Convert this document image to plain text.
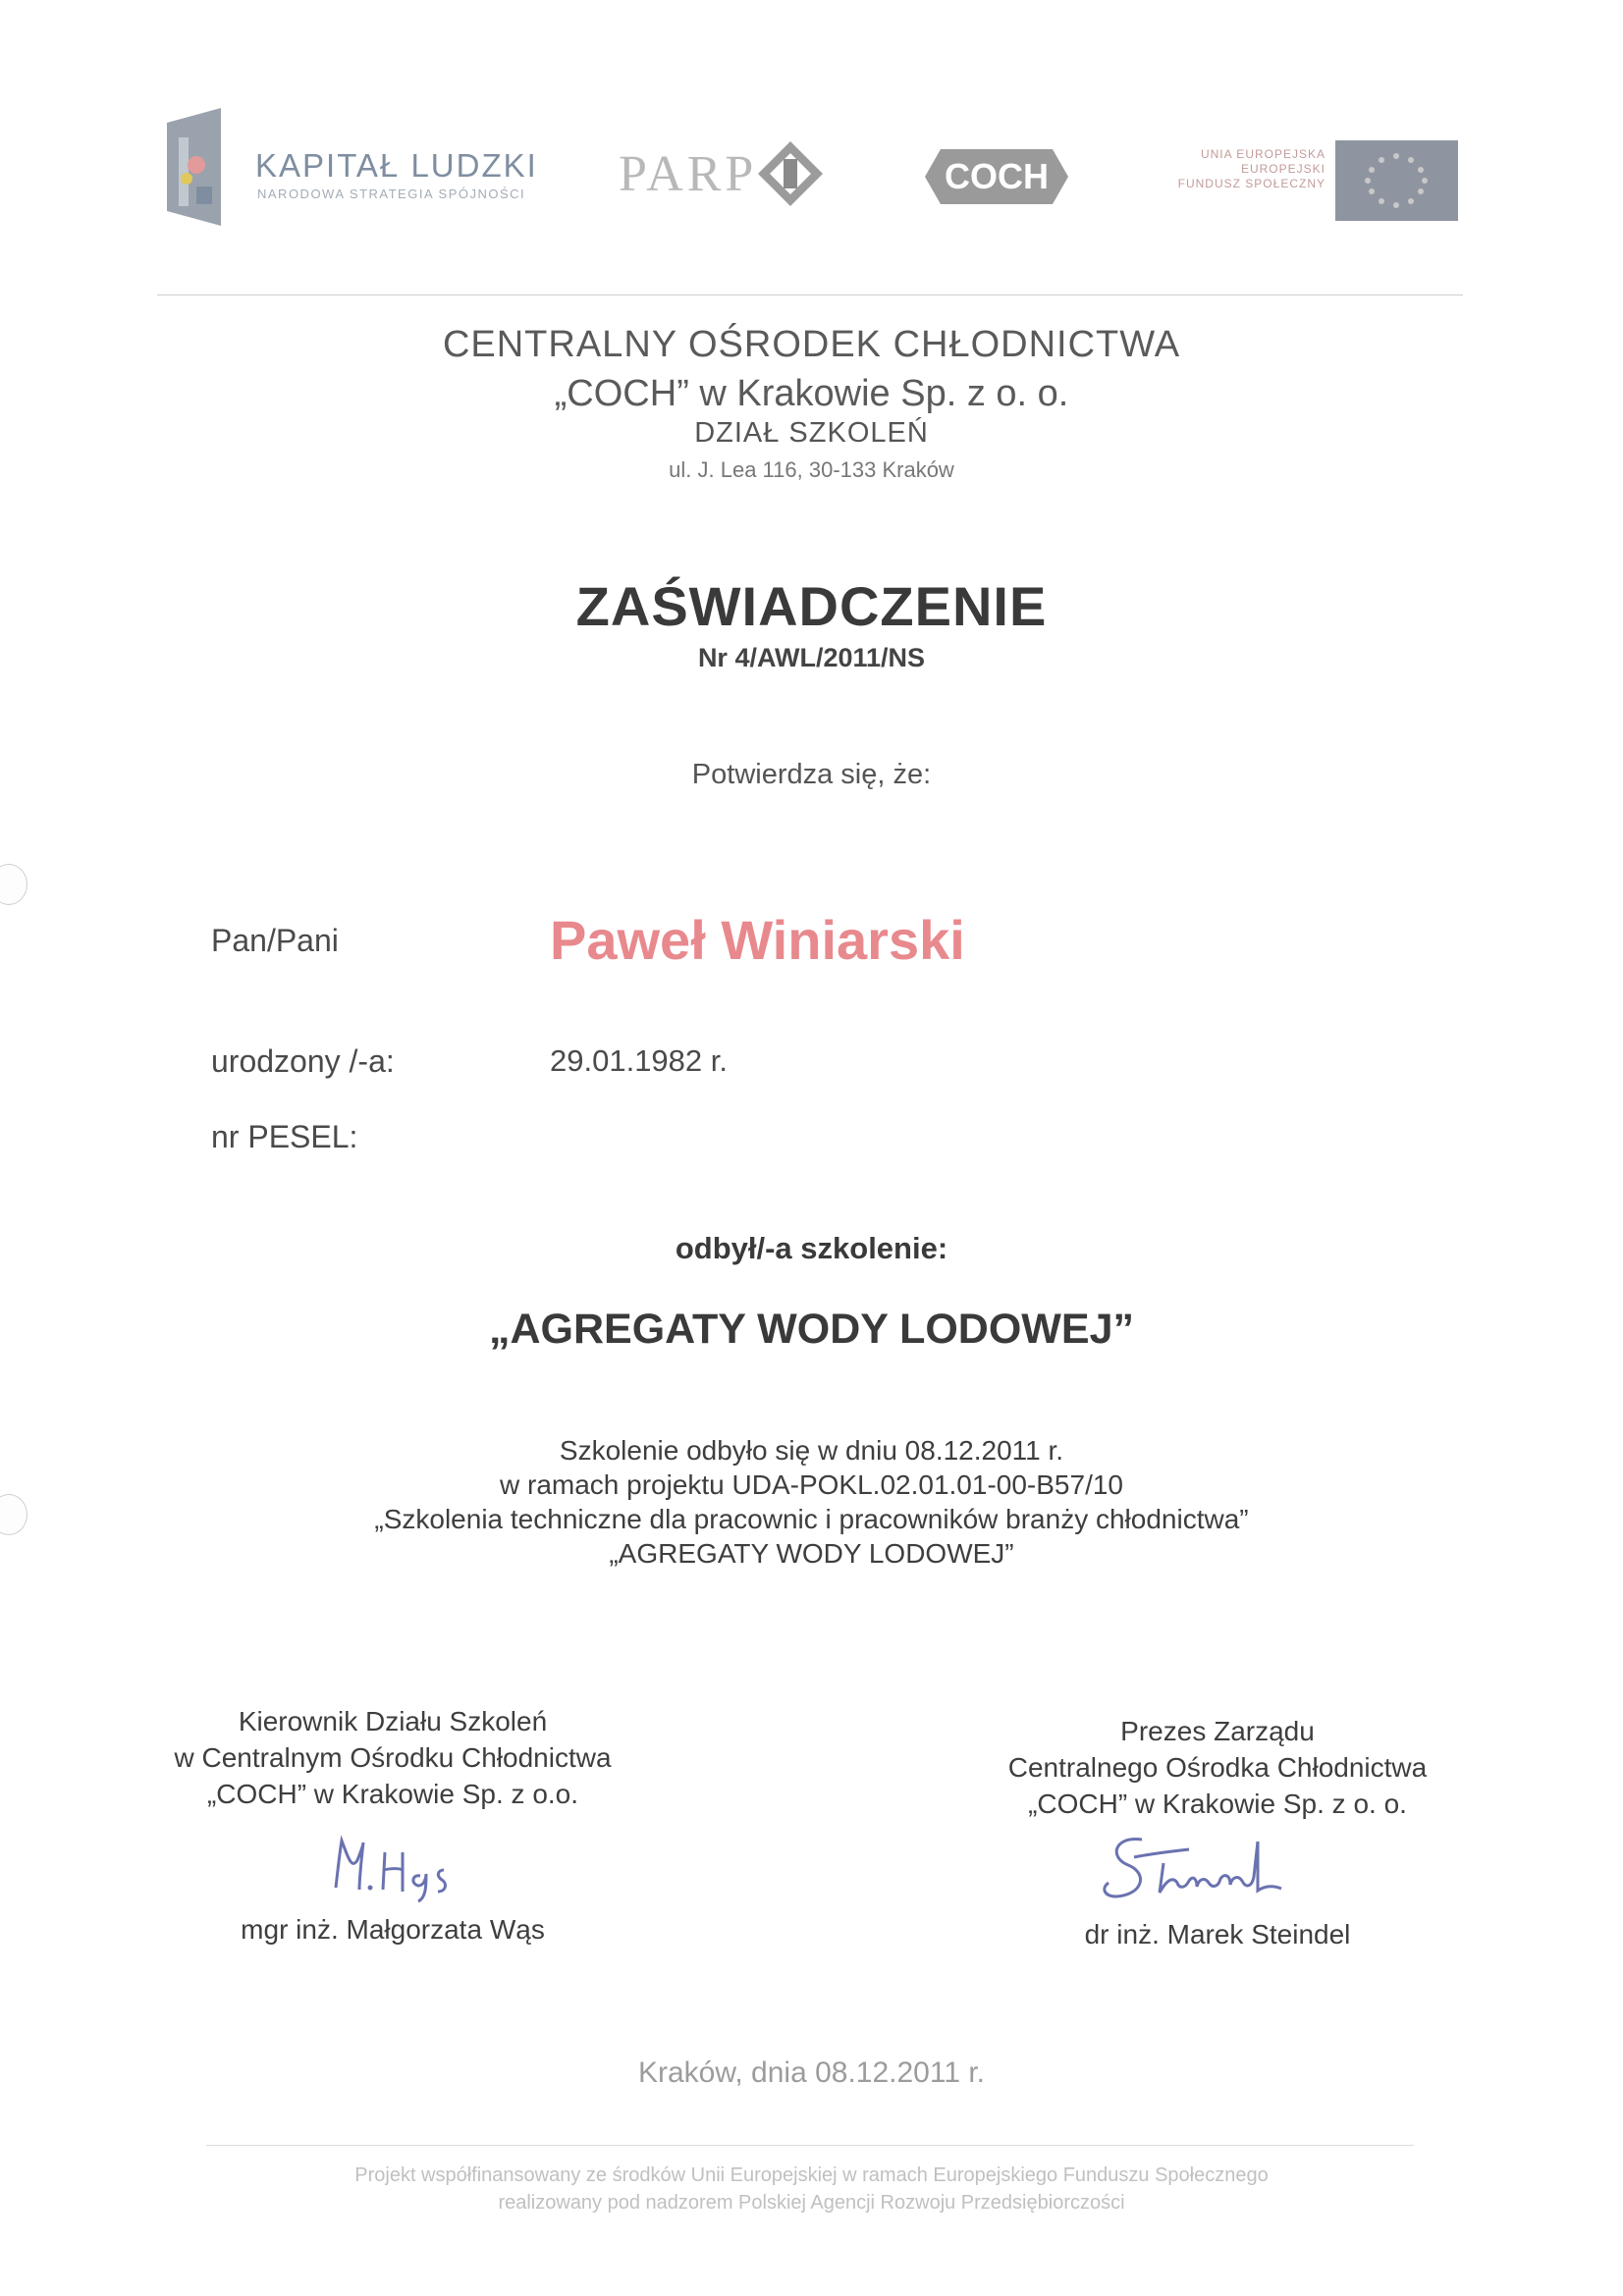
KAPITAŁ LUDZKI
NARODOWA STRATEGIA SPÓJNOŚCI PARP	COCH
UNIA EUROPEJSKA
EUROPEJSKI
FUNDUSZ SPOŁECZNY
CENTRALNY OŚRODEK CHŁODNICTWA
„COCH” w Krakowie Sp. z o. o.
DZIAŁ SZKOLEŃ
ul. J. Lea 116, 30-133 Kraków
ZAŚWIADCZENIE
Nr 4/AWL/2011/NS
Potwierdza się, że:
Pan/Pani	Paweł Winiarski
urodzony /-a:	29.01.1982 r.
nr PESEL:
odbył/-a szkolenie:
„AGREGATY WODY LODOWEJ”
Szkolenie odbyło się w dniu 08.12.2011 r.
w ramach projektu UDA-POKL.02.01.01-00-B57/10
„Szkolenia techniczne dla pracownic i pracowników branży chłodnictwa”
„AGREGATY WODY LODOWEJ”
Kierownik Działu Szkoleń
w Centralnym Ośrodku Chłodnictwa
„COCH” w Krakowie Sp. z o.o.
mgr inż. Małgorzata Wąs
Prezes Zarządu
Centralnego Ośrodka Chłodnictwa
„COCH” w Krakowie Sp. z o. o.
dr inż. Marek Steindel
Kraków, dnia 08.12.2011 r.
Projekt współfinansowany ze środków Unii Europejskiej w ramach Europejskiego Funduszu Społecznego
realizowany pod nadzorem Polskiej Agencji Rozwoju Przedsiębiorczości
